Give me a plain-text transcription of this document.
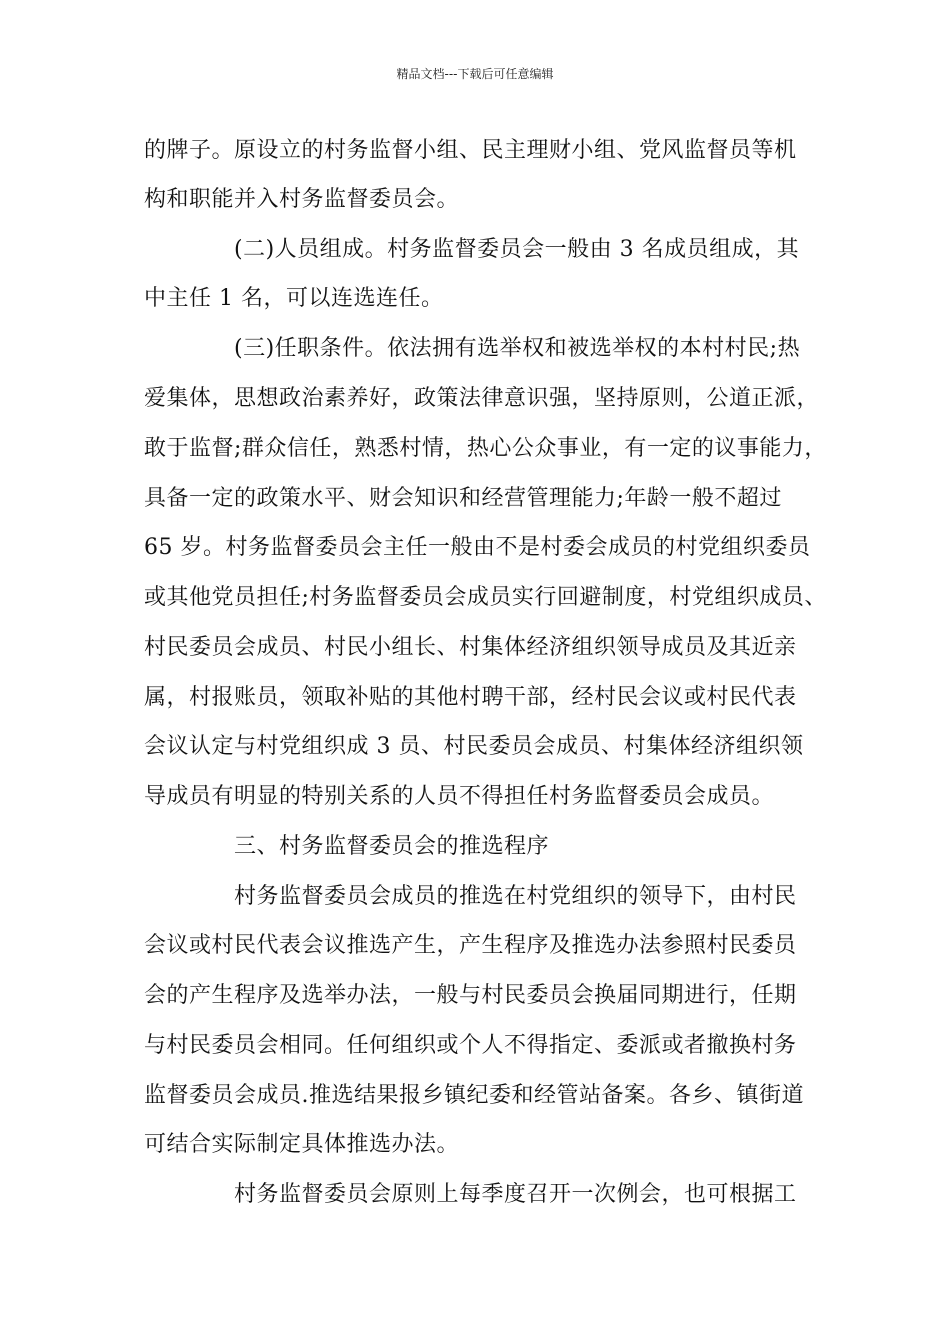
精品文档---下载后可任意编辑
的牌子。原设立的村务监督小组、民主理财小组、党风监督员等机
构和职能并入村务监督委员会。
(二)人员组成。村务监督委员会一般由 3 名成员组成，其
中主任 1 名，可以连选连任。
(三)任职条件。依法拥有选举权和被选举权的本村村民;热
爱集体，思想政治素养好，政策法律意识强，坚持原则，公道正派，
敢于监督;群众信任，熟悉村情，热心公众事业，有一定的议事能力，
具备一定的政策水平、财会知识和经营管理能力;年龄一般不超过
65 岁。村务监督委员会主任一般由不是村委会成员的村党组织委员
或其他党员担任;村务监督委员会成员实行回避制度，村党组织成员、
村民委员会成员、村民小组长、村集体经济组织领导成员及其近亲
属，村报账员，领取补贴的其他村聘干部，经村民会议或村民代表
会议认定与村党组织成 3 员、村民委员会成员、村集体经济组织领
导成员有明显的特别关系的人员不得担任村务监督委员会成员。
三、村务监督委员会的推选程序
村务监督委员会成员的推选在村党组织的领导下，由村民
会议或村民代表会议推选产生，产生程序及推选办法参照村民委员
会的产生程序及选举办法，一般与村民委员会换届同期进行，任期
与村民委员会相同。任何组织或个人不得指定、委派或者撤换村务
监督委员会成员.推选结果报乡镇纪委和经管站备案。各乡、镇街道
可结合实际制定具体推选办法。
村务监督委员会原则上每季度召开一次例会，也可根据工
